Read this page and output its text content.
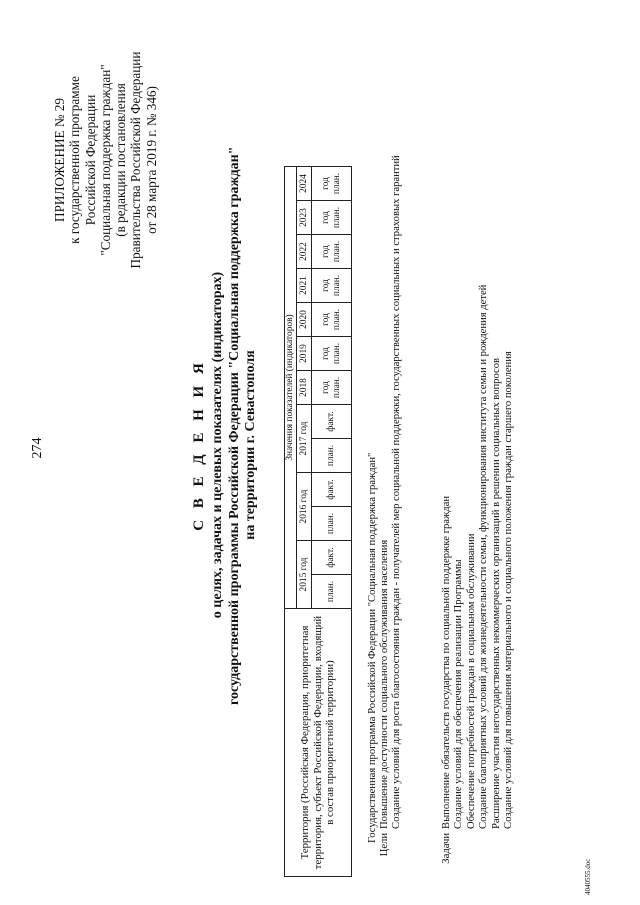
274
ПРИЛОЖЕНИЕ № 29 к государственной программе Российской Федерации "Социальная поддержка граждан" (в редакции постановления Правительства Российской Федерации от 28 марта 2019 г. № 346)
С В Е Д Е Н И Я о целях, задачах и целевых показателях (индикаторах) государственной программы Российской Федерации "Социальная поддержка граждан" на территории г. Севастополя
Территория (Российская Федерация, приоритетная территория, субъект Российской Федерации, входящий в состав приоритетной территории)	Значения показателей (индикаторов)												
	2015 год		2016 год		2017 год		2018	2019	2020	2021	2022	2023	2024
	план.	факт.	план.	факт.	план.	факт.	год план.	год план.	год план.	год план.	год план.	год план.	год план.
Государственная программа Российской Федерации "Социальная поддержка граждан"
Цели
Повышение доступности социального обслуживания населения Создание условий для роста благосостояния граждан - получателей мер социальной поддержки, государственных социальных и страховых гарантий
Задачи
Выполнение обязательств государства по социальной поддержке граждан Создание условий для обеспечения реализации Программы Обеспечение потребностей граждан в социальном обслуживании Создание благоприятных условий для жизнедеятельности семьи, функционирования института семьи и рождения детей Расширение участия негосударственных некоммерческих организаций в решении социальных вопросов Создание условий для повышения материального и социального положения граждан старшего поколения
4040555.doc
